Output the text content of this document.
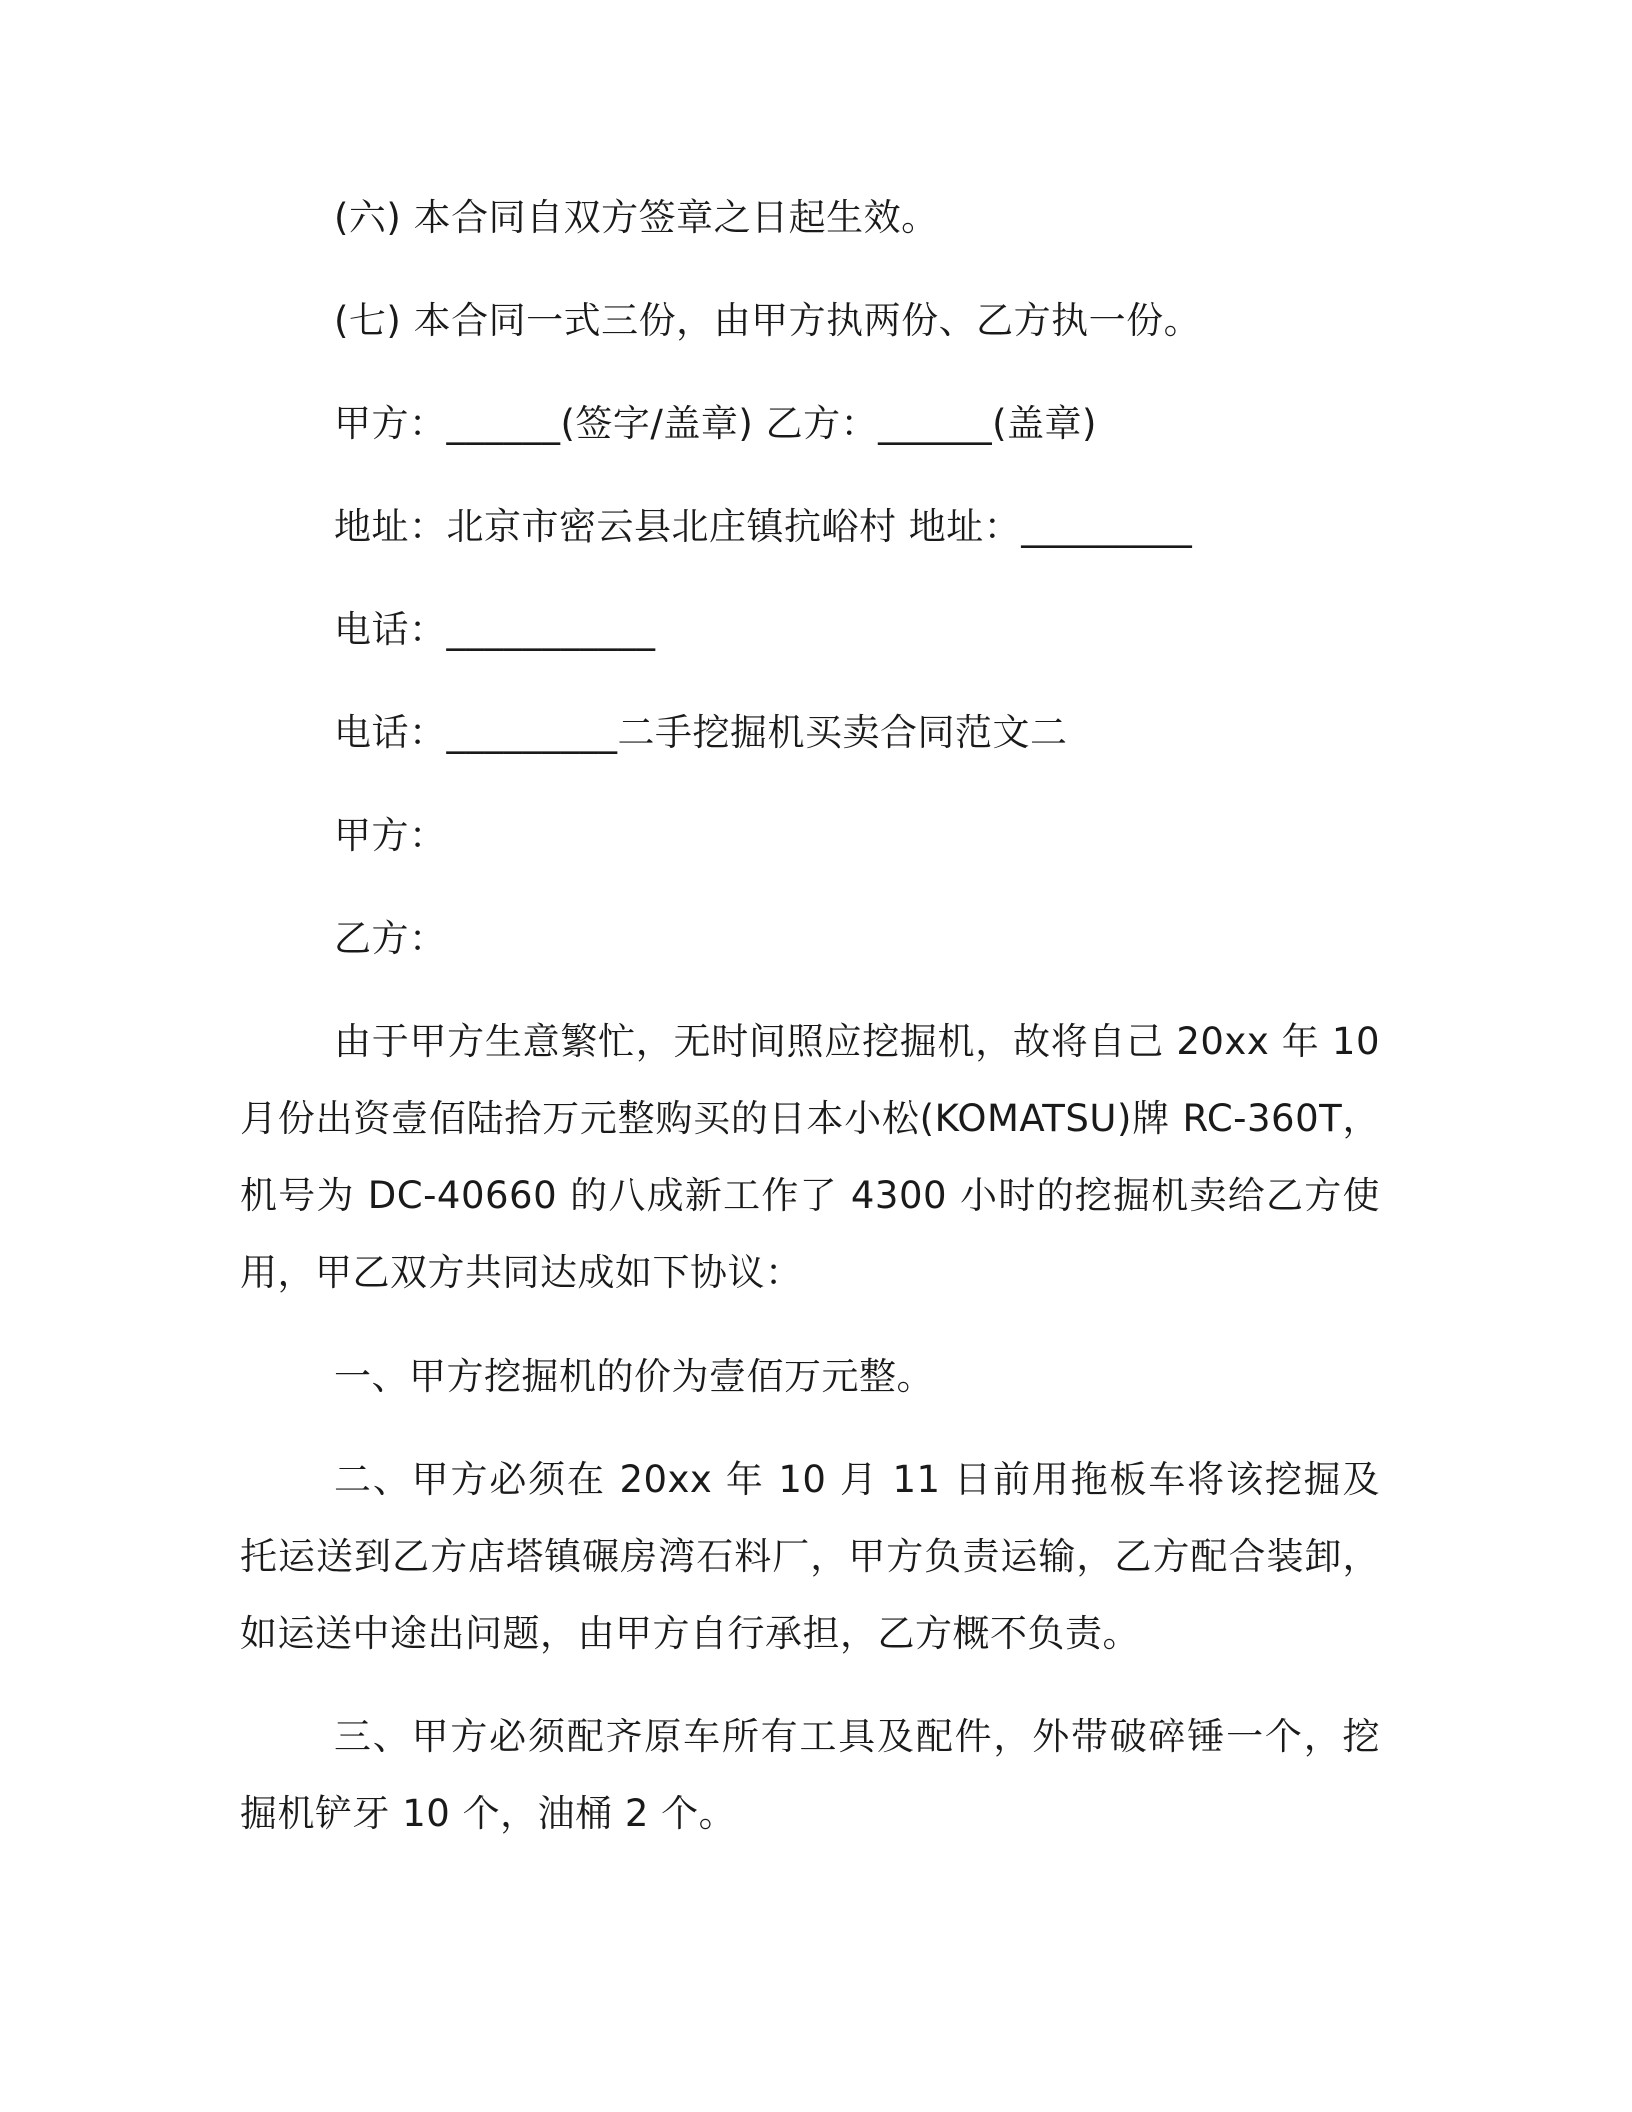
(六) 本合同自双方签章之日起生效。
(七) 本合同一式三份，由甲方执两份、乙方执一份。
甲方：______(签字/盖章) 乙方：______(盖章)
地址：北京市密云县北庄镇抗峪村 地址：_________
电话：___________
电话：_________二手挖掘机买卖合同范文二
甲方：
乙方：
由于甲方生意繁忙，无时间照应挖掘机，故将自己 20xx 年 10 月份出资壹佰陆拾万元整购买的日本小松(KOMATSU)牌 RC-360T，机号为 DC-40660 的八成新工作了 4300 小时的挖掘机卖给乙方使用，甲乙双方共同达成如下协议：
一、甲方挖掘机的价为壹佰万元整。
二、甲方必须在 20xx 年 10 月 11 日前用拖板车将该挖掘及托运送到乙方店塔镇碾房湾石料厂，甲方负责运输，乙方配合装卸，如运送中途出问题，由甲方自行承担，乙方概不负责。
三、甲方必须配齐原车所有工具及配件，外带破碎锤一个，挖掘机铲牙 10 个，油桶 2 个。
